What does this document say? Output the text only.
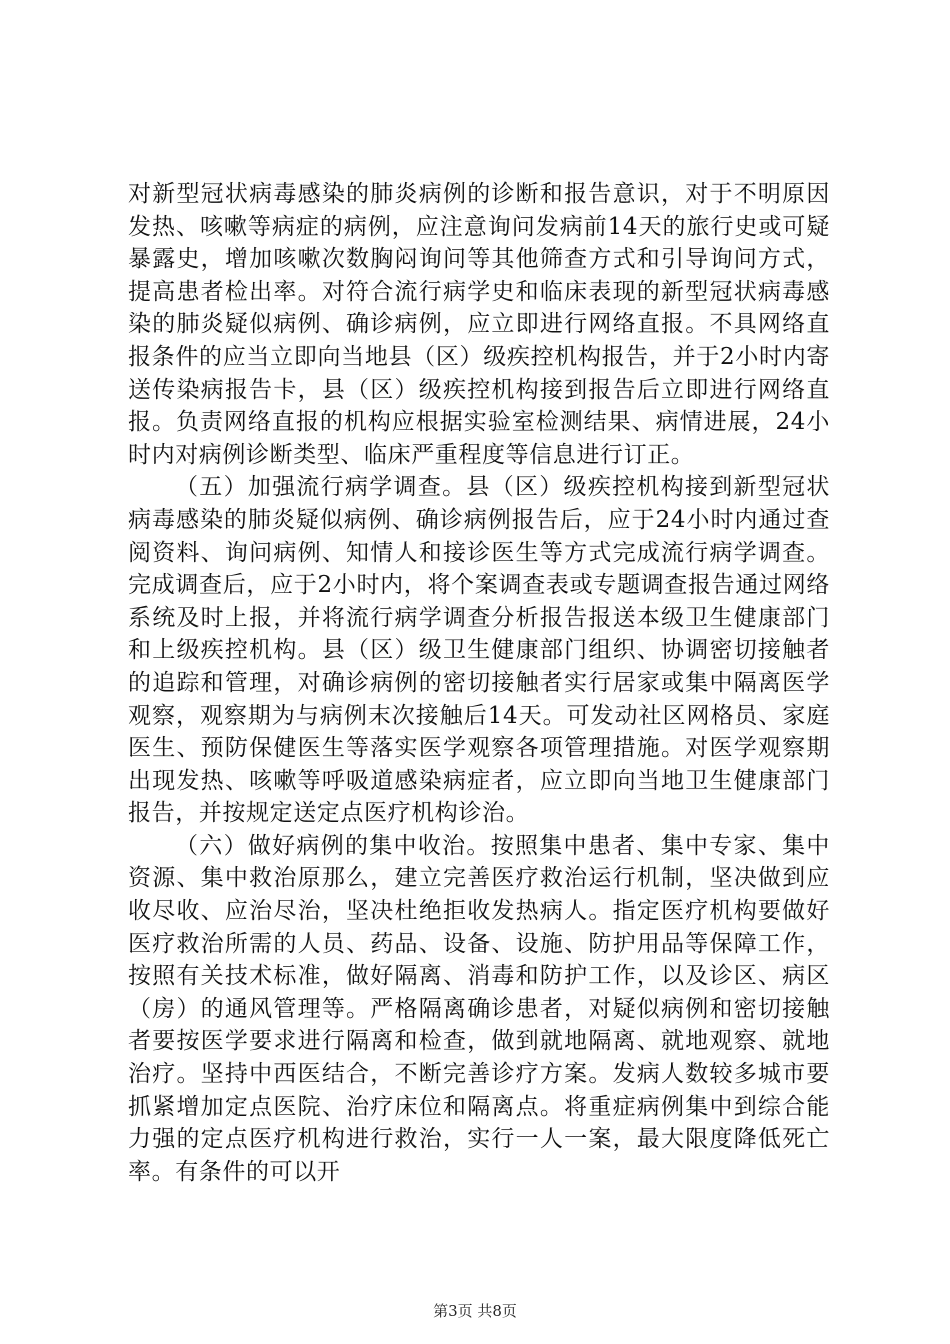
对新型冠状病毒感染的肺炎病例的诊断和报告意识，对于不明原因发热、咳嗽等病症的病例，应注意询问发病前14天的旅行史或可疑暴露史，增加咳嗽次数胸闷询问等其他筛查方式和引导询问方式，提高患者检出率。对符合流行病学史和临床表现的新型冠状病毒感染的肺炎疑似病例、确诊病例，应立即进行网络直报。不具网络直报条件的应当立即向当地县（区）级疾控机构报告，并于2小时内寄送传染病报告卡，县（区）级疾控机构接到报告后立即进行网络直报。负责网络直报的机构应根据实验室检测结果、病情进展，24小时内对病例诊断类型、临床严重程度等信息进行订正。

（五）加强流行病学调查。县（区）级疾控机构接到新型冠状病毒感染的肺炎疑似病例、确诊病例报告后，应于24小时内通过查阅资料、询问病例、知情人和接诊医生等方式完成流行病学调查。完成调查后，应于2小时内，将个案调查表或专题调查报告通过网络系统及时上报，并将流行病学调查分析报告报送本级卫生健康部门和上级疾控机构。县（区）级卫生健康部门组织、协调密切接触者的追踪和管理，对确诊病例的密切接触者实行居家或集中隔离医学观察，观察期为与病例末次接触后14天。可发动社区网格员、家庭医生、预防保健医生等落实医学观察各项管理措施。对医学观察期出现发热、咳嗽等呼吸道感染病症者，应立即向当地卫生健康部门报告，并按规定送定点医疗机构诊治。

（六）做好病例的集中收治。按照集中患者、集中专家、集中资源、集中救治原那么，建立完善医疗救治运行机制，坚决做到应收尽收、应治尽治，坚决杜绝拒收发热病人。指定医疗机构要做好医疗救治所需的人员、药品、设备、设施、防护用品等保障工作，按照有关技术标准，做好隔离、消毒和防护工作，以及诊区、病区（房）的通风管理等。严格隔离确诊患者，对疑似病例和密切接触者要按医学要求进行隔离和检查，做到就地隔离、就地观察、就地治疗。坚持中西医结合，不断完善诊疗方案。发病人数较多城市要抓紧增加定点医院、治疗床位和隔离点。将重症病例集中到综合能力强的定点医疗机构进行救治，实行一人一案，最大限度降低死亡率。有条件的可以开

第3页 共8页
